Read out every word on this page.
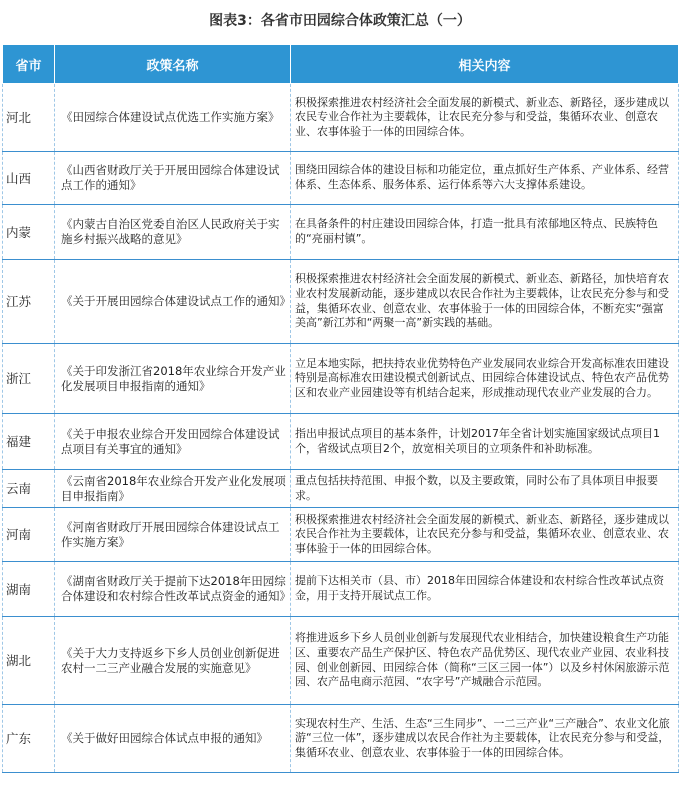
图表3：各省市田园综合体政策汇总（一）
省市	政策名称	相关内容
河北	《田园综合体建设试点优选工作实施方案》	积极探索推进农村经济社会全面发展的新模式、新业态、新路径，逐步建成以农民专业合作社为主要载体，让农民充分参与和受益，集循环农业、创意农业、农事体验于一体的田园综合体。
山西	《山西省财政厅关于开展田园综合体建设试点工作的通知》	围绕田园综合体的建设目标和功能定位，重点抓好生产体系、产业体系、经营体系、生态体系、服务体系、运行体系等六大支撑体系建设。
内蒙	《内蒙古自治区党委自治区人民政府关于实施乡村振兴战略的意见》	在具备条件的村庄建设田园综合体，打造一批具有浓郁地区特点、民族特色的“亮丽村镇”。
江苏	《关于开展田园综合体建设试点工作的通知》	积极探索推进农村经济社会全面发展的新模式、新业态、新路径，加快培育农业农村发展新动能，逐步建成以农民合作社为主要载体，让农民充分参与和受益，集循环农业、创意农业、农事体验于一体的田园综合体，不断充实“强富美高”新江苏和“两聚一高”新实践的基础。
浙江	《关于印发浙江省2018年农业综合开发产业化发展项目申报指南的通知》	立足本地实际，把扶持农业优势特色产业发展同农业综合开发高标准农田建设特别是高标准农田建设模式创新试点、田园综合体建设试点、特色农产品优势区和农业产业园建设等有机结合起来，形成推动现代农业产业发展的合力。
福建	《关于申报农业综合开发田园综合体建设试点项目有关事宜的通知》	指出申报试点项目的基本条件，计划2017年全省计划实施国家级试点项目1个，省级试点项目2个，放宽相关项目的立项条件和补助标准。
云南	《云南省2018年农业综合开发产业化发展项目申报指南》	重点包括扶持范围、申报个数，以及主要政策，同时公布了具体项目申报要求。
河南	《河南省财政厅开展田园综合体建设试点工作实施方案》	积极探索推进农村经济社会全面发展的新模式、新业态、新路径，逐步建成以农民合作社为主要载体，让农民充分参与和受益，集循环农业、创意农业、农事体验于一体的田园综合体。
湖南	《湖南省财政厅关于提前下达2018年田园综合体建设和农村综合性改革试点资金的通知》	提前下达相关市（县、市）2018年田园综合体建设和农村综合性改革试点资金，用于支持开展试点工作。
湖北	《关于大力支持返乡下乡人员创业创新促进农村一二三产业融合发展的实施意见》	将推进返乡下乡人员创业创新与发展现代农业相结合，加快建设粮食生产功能区、重要农产品生产保护区、特色农产品优势区、现代农业产业园、农业科技园、创业创新园、田园综合体（简称“三区三园一体”）以及乡村休闲旅游示范园、农产品电商示范园、“农字号”产城融合示范园。
广东	《关于做好田园综合体试点申报的通知》	实现农村生产、生活、生态“三生同步”、一二三产业“三产融合”、农业文化旅游“三位一体”，逐步建成以农民合作社为主要载体，让农民充分参与和受益，集循环农业、创意农业、农事体验于一体的田园综合体。
